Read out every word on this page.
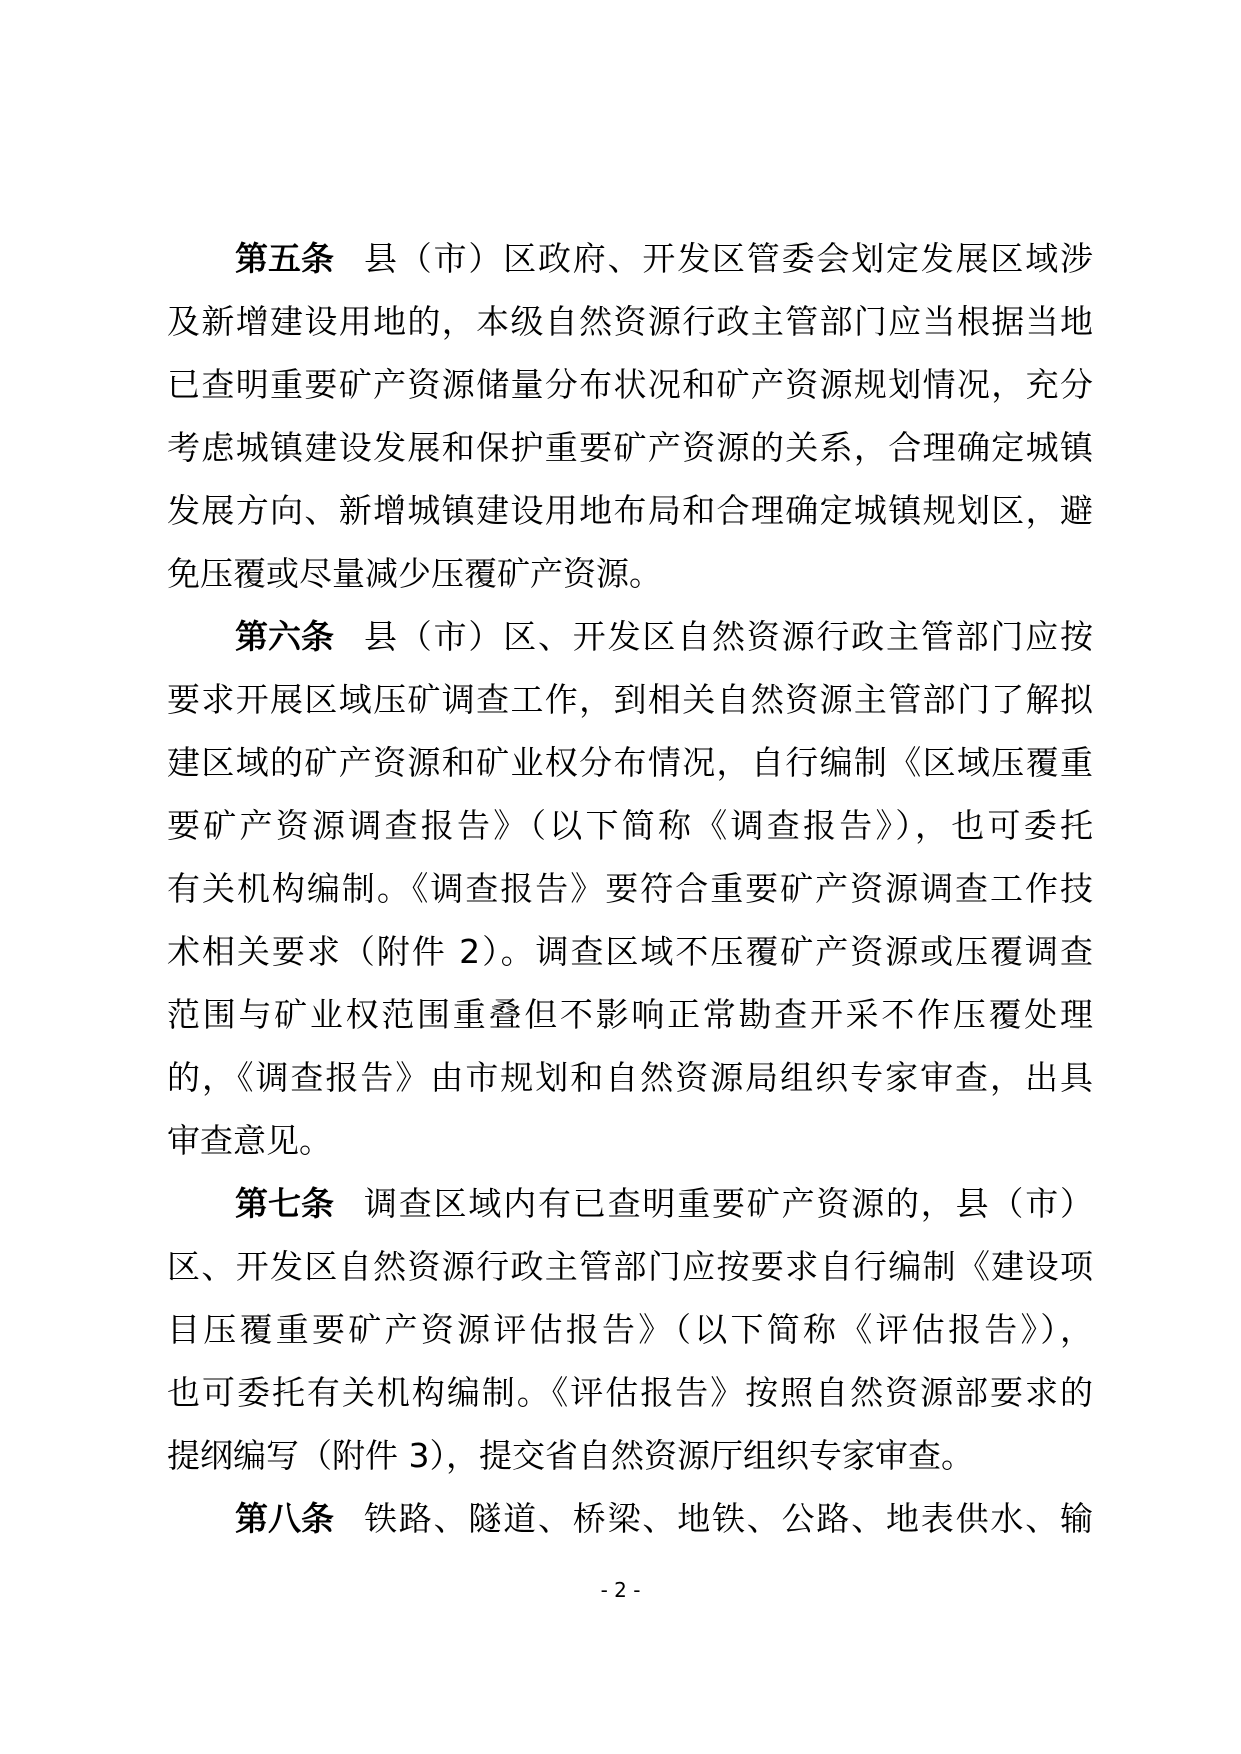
第五条 县（市）区政府、开发区管委会划定发展区域涉
及新增建设用地的，本级自然资源行政主管部门应当根据当地
已查明重要矿产资源储量分布状况和矿产资源规划情况，充分
考虑城镇建设发展和保护重要矿产资源的关系，合理确定城镇
发展方向、新增城镇建设用地布局和合理确定城镇规划区，避
免压覆或尽量减少压覆矿产资源。
第六条 县（市）区、开发区自然资源行政主管部门应按
要求开展区域压矿调查工作，到相关自然资源主管部门了解拟
建区域的矿产资源和矿业权分布情况，自行编制《区域压覆重
要矿产资源调查报告》（以下简称《调查报告》），也可委托
有关机构编制。《调查报告》要符合重要矿产资源调查工作技
术相关要求（附件 2）。调查区域不压覆矿产资源或压覆调查
范围与矿业权范围重叠但不影响正常勘查开采不作压覆处理
的，《调查报告》由市规划和自然资源局组织专家审查，出具
审查意见。
第七条 调查区域内有已查明重要矿产资源的，县（市）
区、开发区自然资源行政主管部门应按要求自行编制《建设项
目压覆重要矿产资源评估报告》（以下简称《评估报告》），
也可委托有关机构编制。《评估报告》按照自然资源部要求的
提纲编写（附件 3），提交省自然资源厅组织专家审查。
第八条 铁路、隧道、桥梁、地铁、公路、地表供水、输
- 2 -
